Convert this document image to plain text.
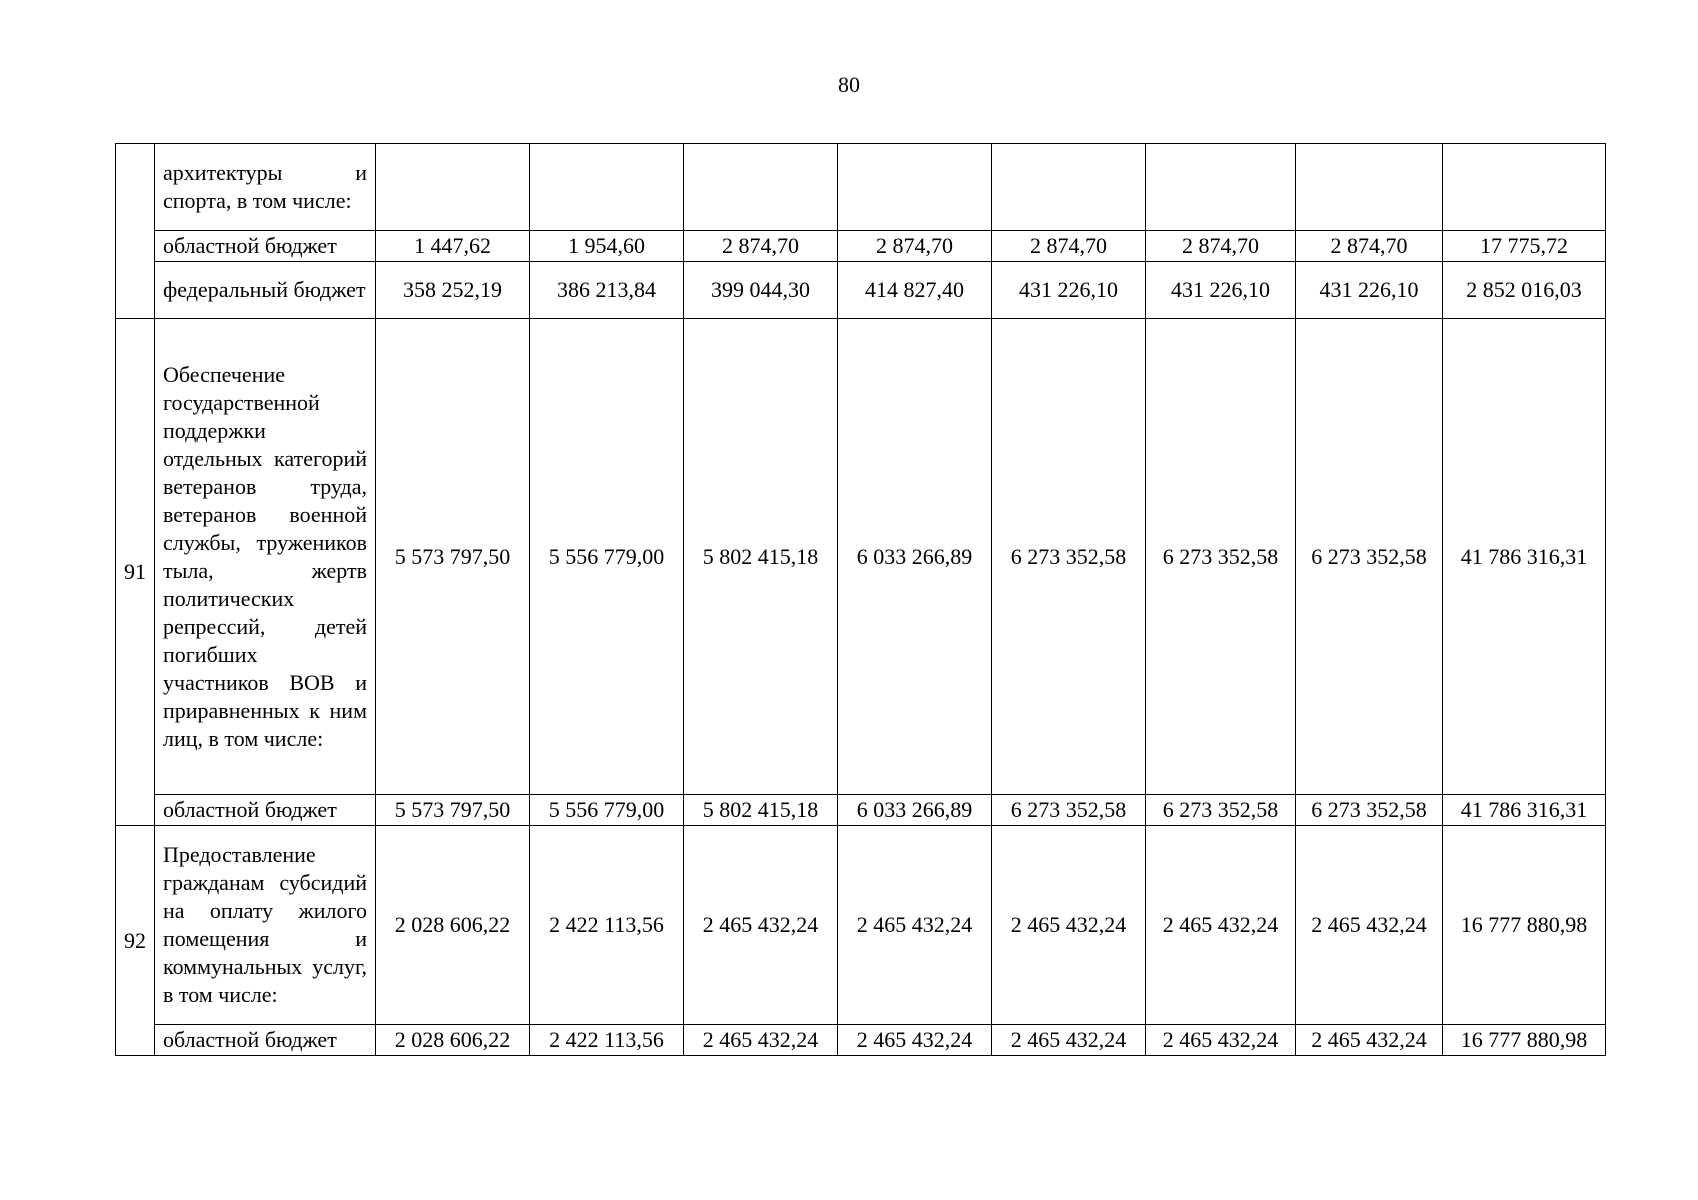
80
	архитектуры и спорта, в том числе:								
	областной бюджет	1 447,62	1 954,60	2 874,70	2 874,70	2 874,70	2 874,70	2 874,70	17 775,72
	федеральный бюджет	358 252,19	386 213,84	399 044,30	414 827,40	431 226,10	431 226,10	431 226,10	2 852 016,03
91	Обеспечение государственной поддержки отдельных категорий ветеранов труда, ветеранов военной службы, тружеников тыла, жертв политических репрессий, детей погибших участников ВОВ и приравненных к ним лиц, в том числе:	5 573 797,50	5 556 779,00	5 802 415,18	6 033 266,89	6 273 352,58	6 273 352,58	6 273 352,58	41 786 316,31
	областной бюджет	5 573 797,50	5 556 779,00	5 802 415,18	6 033 266,89	6 273 352,58	6 273 352,58	6 273 352,58	41 786 316,31
92	Предоставление гражданам субсидий на оплату жилого помещения и коммунальных услуг, в том числе:	2 028 606,22	2 422 113,56	2 465 432,24	2 465 432,24	2 465 432,24	2 465 432,24	2 465 432,24	16 777 880,98
	областной бюджет	2 028 606,22	2 422 113,56	2 465 432,24	2 465 432,24	2 465 432,24	2 465 432,24	2 465 432,24	16 777 880,98
